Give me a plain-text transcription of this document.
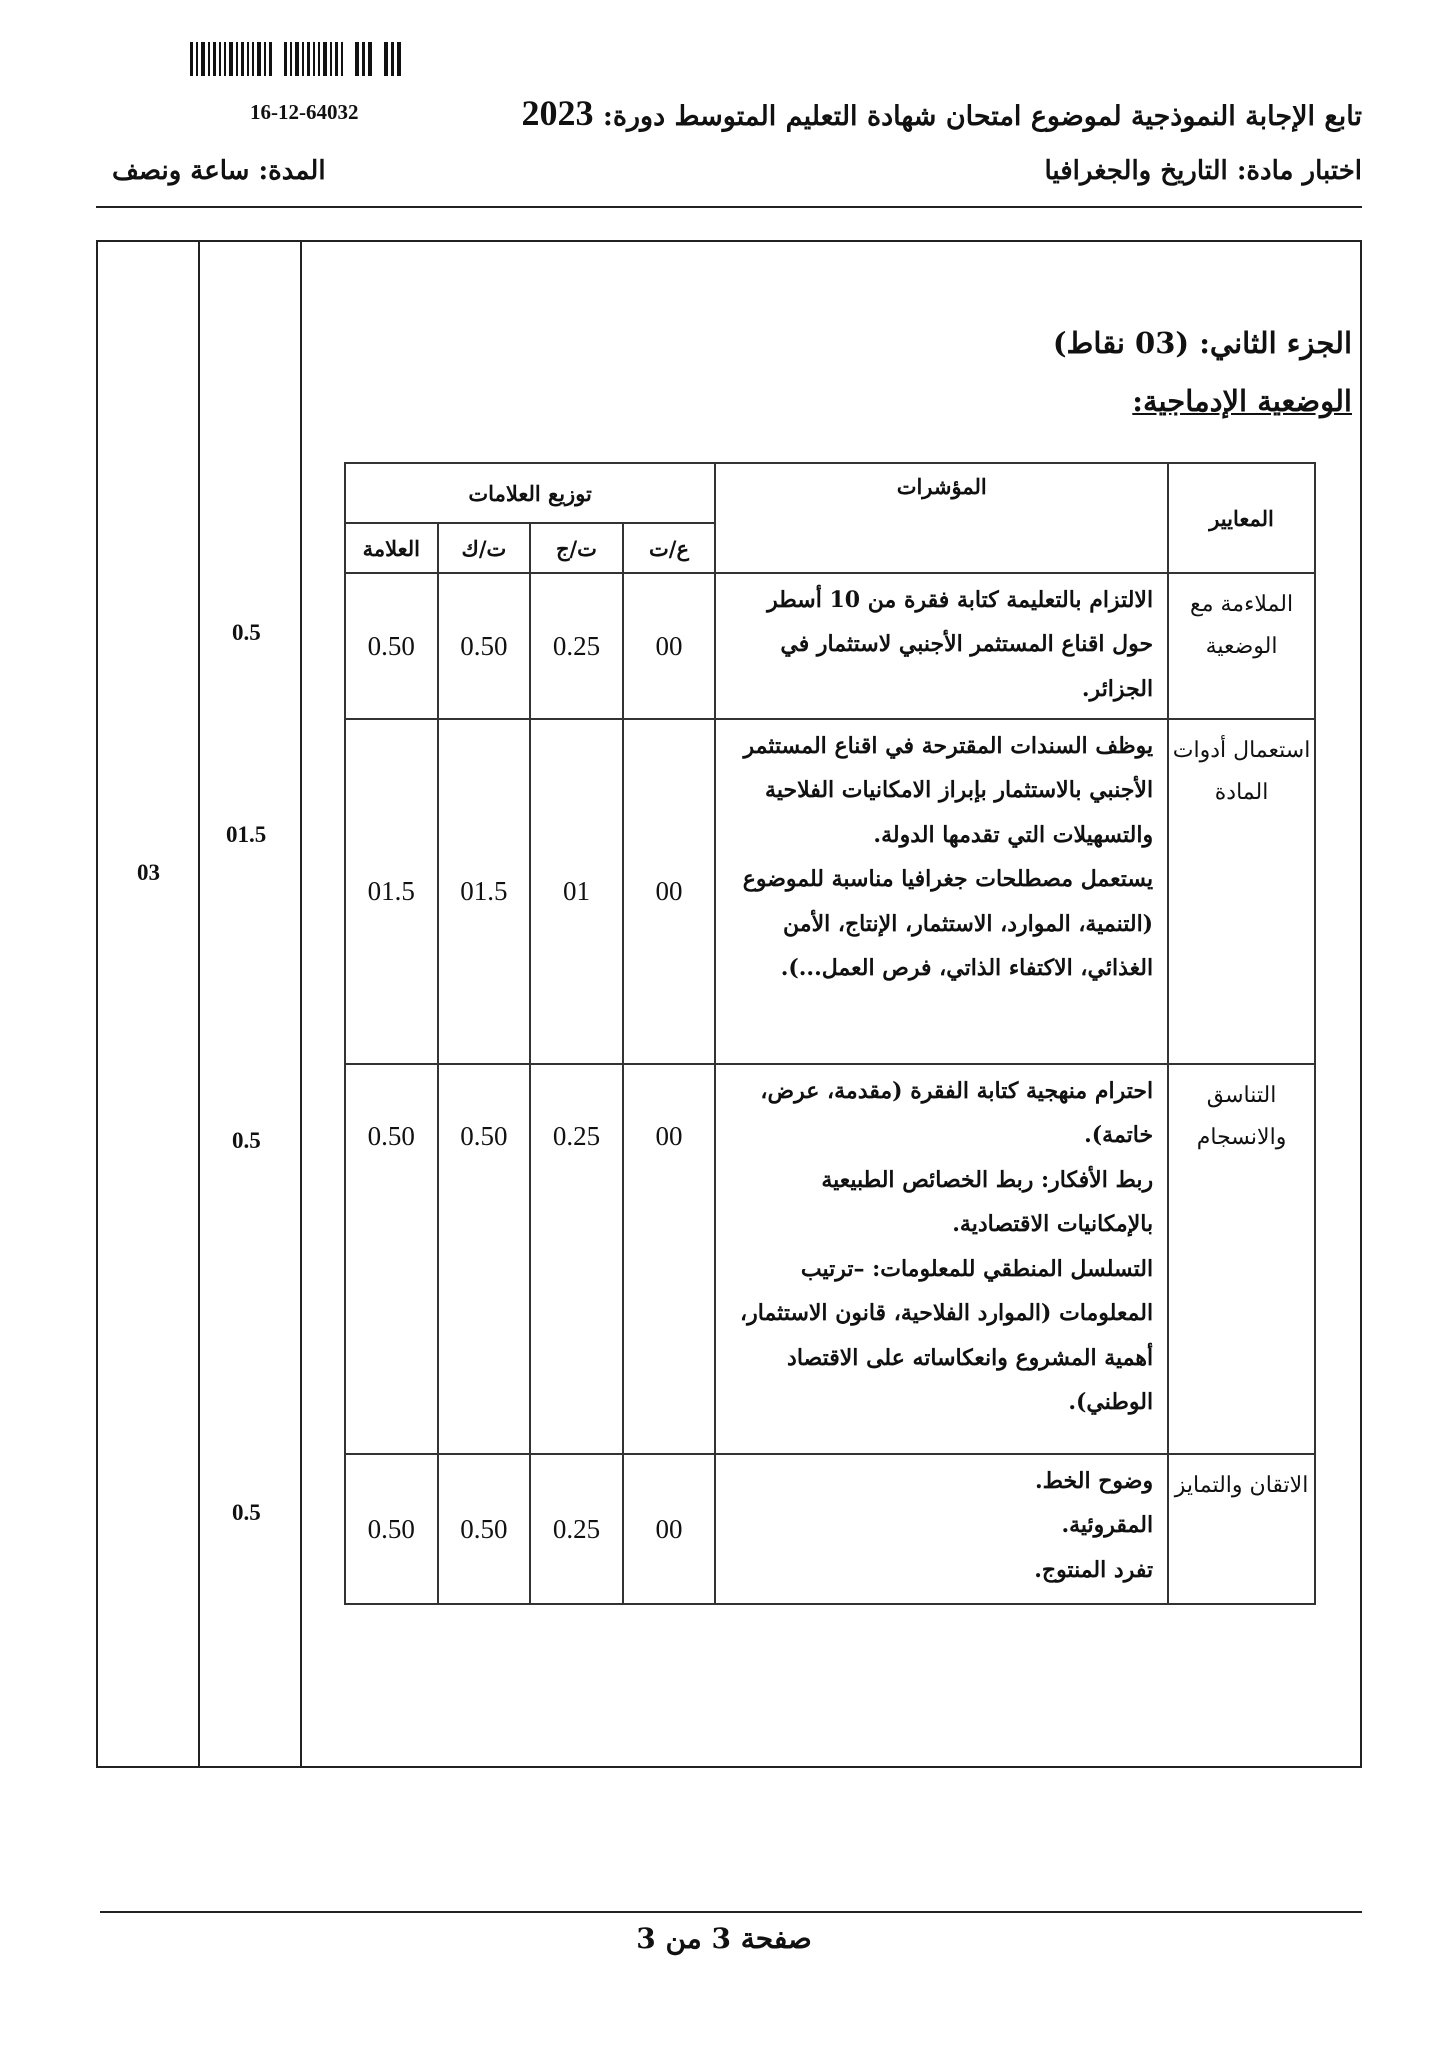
16-12-64032	تابع الإجابة النموذجية لموضوع امتحان شهادة التعليم المتوسط دورة: 2023
اختبار مادة: التاريخ والجغرافيا
المدة: ساعة ونصف
03
0.5
01.5
0.5
0.5
الجزء الثاني: (03 نقاط)
الوضعية الإدماجية:
المعايير	المؤشرات	توزيع العلامات			
		ع/ت	ت/ج	ت/ك	العلامة
الملاءمة مع الوضعية	الالتزام بالتعليمة كتابة فقرة من 10 أسطر حول اقناع المستثمر الأجنبي لاستثمار في الجزائر.	00	0.25	0.50	0.50
استعمال أدوات المادة	يوظف السندات المقترحة في اقناع المستثمر الأجنبي بالاستثمار بإبراز الامكانيات الفلاحية والتسهيلات التي تقدمها الدولة.
يستعمل مصطلحات جغرافيا مناسبة للموضوع (التنمية، الموارد، الاستثمار، الإنتاج، الأمن الغذائي، الاكتفاء الذاتي، فرص العمل...).	00	01	01.5	01.5
التناسق والانسجام	احترام منهجية كتابة الفقرة (مقدمة، عرض، خاتمة).
ربط الأفكار: ربط الخصائص الطبيعية بالإمكانيات الاقتصادية.
التسلسل المنطقي للمعلومات: –ترتيب المعلومات (الموارد الفلاحية، قانون الاستثمار، أهمية المشروع وانعكاساته على الاقتصاد الوطني).	00	0.25	0.50	0.50
الاتقان والتمايز	وضوح الخط.
المقروئية.
تفرد المنتوج.	00	0.25	0.50	0.50
صفحة 3 من 3
